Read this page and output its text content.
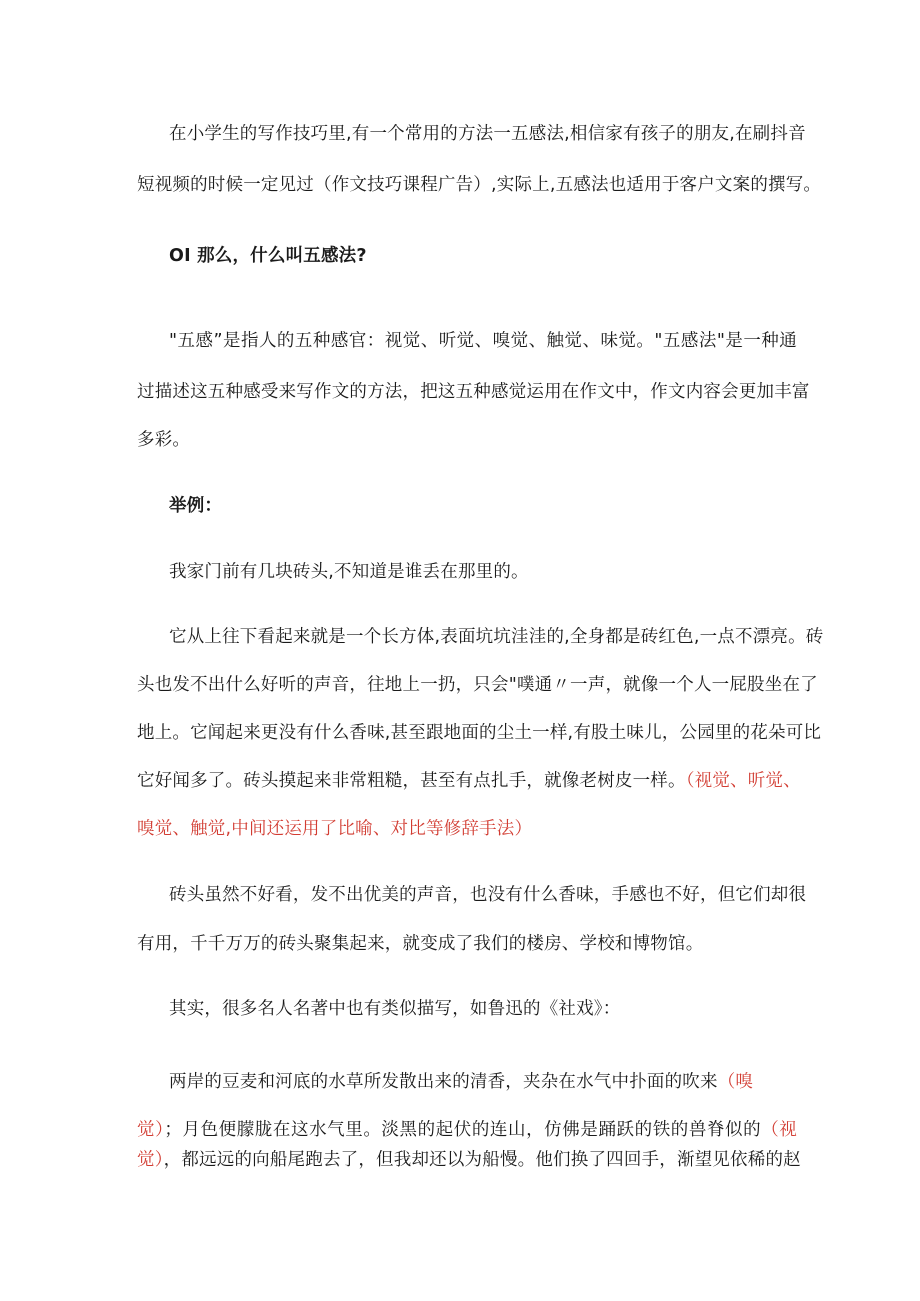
在小学生的写作技巧里,有一个常用的方法一五感法,相信家有孩子的朋友,在刷抖音
短视频的时候一定见过（作文技巧课程广告）,实际上,五感法也适用于客户文案的撰写。
OI 那么，什么叫五感法?
"五感”是指人的五种感官：视觉、听觉、嗅觉、触觉、味觉。"五感法"是一种通
过描述这五种感受来写作文的方法，把这五种感觉运用在作文中，作文内容会更加丰富
多彩。
举例：
我家门前有几块砖头,不知道是谁丢在那里的。
它从上往下看起来就是一个长方体,表面坑坑洼洼的,全身都是砖红色,一点不漂亮。砖
头也发不出什么好听的声音，往地上一扔，只会"噗通〃一声，就像一个人一屁股坐在了
地上。它闻起来更没有什么香味,甚至跟地面的尘土一样,有股土味儿，公园里的花朵可比
它好闻多了。砖头摸起来非常粗糙，甚至有点扎手，就像老树皮一样。（视觉、听觉、
嗅觉、触觉,中间还运用了比喻、对比等修辞手法）
砖头虽然不好看，发不出优美的声音，也没有什么香味，手感也不好，但它们却很
有用，千千万万的砖头聚集起来，就变成了我们的楼房、学校和博物馆。
其实，很多名人名著中也有类似描写，如鲁迅的《社戏》：
两岸的豆麦和河底的水草所发散出来的清香，夹杂在水气中扑面的吹来（嗅
觉）；月色便朦胧在这水气里。淡黑的起伏的连山，仿佛是踊跃的铁的兽脊似的（视
觉），都远远的向船尾跑去了，但我却还以为船慢。他们换了四回手，渐望见依稀的赵
